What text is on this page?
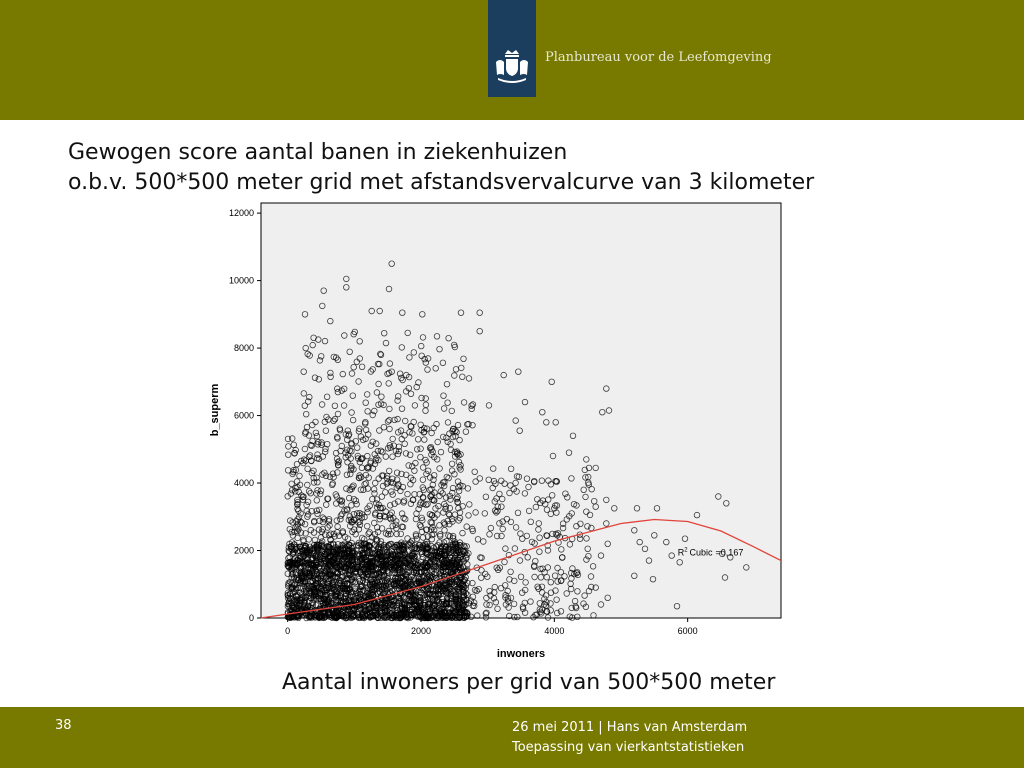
Planbureau voor de Leefomgeving
Gewogen score aantal banen in ziekenhuizen
o.b.v. 500*500 meter grid met afstandsvervalcurve van 3 kilometer
0
2000
4000
6000
8000
10000
12000
0	2000	4000	6000
$R^2$ Cubic =0,167
inwoners
b_superm
Aantal inwoners per grid van 500*500 meter
38	26 mei 2011 | Hans van Amsterdam
Toepassing van vierkantstatistieken
